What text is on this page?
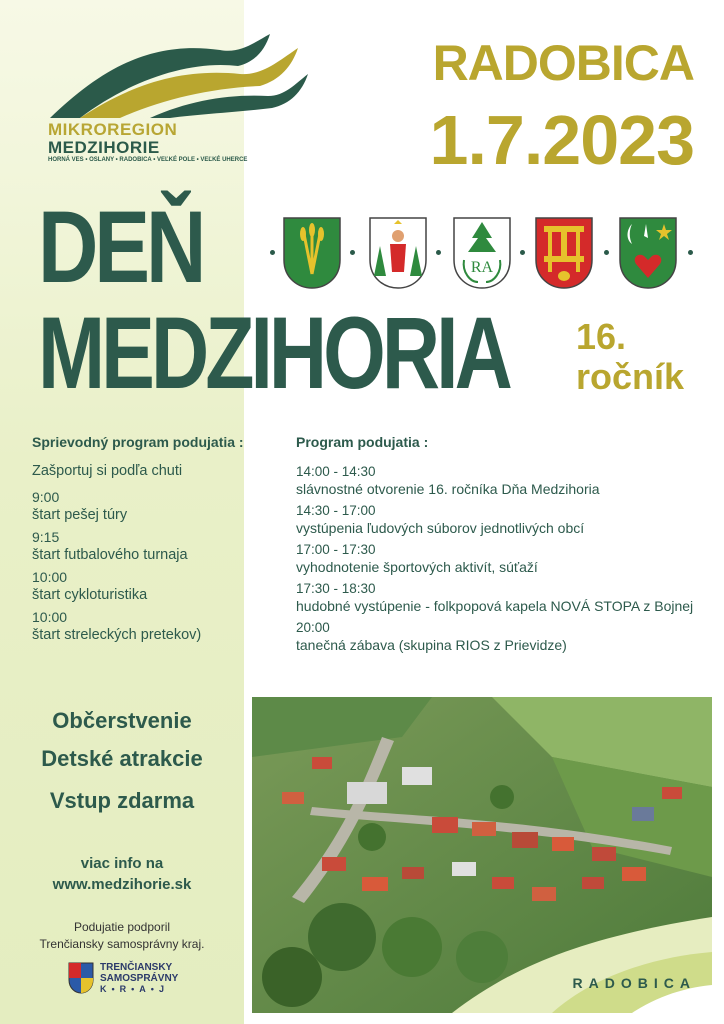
MIKROREGION
MEDZIHORIE
HORNÁ VES • OSLANY • RADOBICA • VEĽKÉ POLE • VEĽKÉ UHERCE
RADOBICA
1.7.2023
DEŇ
MEDZIHORIA 16.
ročník
RA
Sprievodný program podujatia :
Zašportuj si podľa chuti
9:00
štart pešej túry
9:15
štart futbalového turnaja
10:00
štart cykloturistika
10:00
štart streleckých pretekov)
Program podujatia :
14:00 - 14:30
slávnostné otvorenie 16. ročníka Dňa Medzihoria
14:30 - 17:00
vystúpenia ľudových súborov jednotlivých obcí
17:00 - 17:30
vyhodnotenie športových aktivít, súťaží
17:30 - 18:30
hudobné vystúpenie - folkpopová kapela NOVÁ STOPA z Bojnej
20:00
tanečná zábava (skupina RIOS z Prievidze)
Občerstvenie
Detské atrakcie
Vstup zdarma
viac info na
www.medzihorie.sk
Podujatie podporil
Trenčiansky samosprávny kraj.
TRENČIANSKY
SAMOSPRÁVNY
K•R•A•J	RADOBICA
